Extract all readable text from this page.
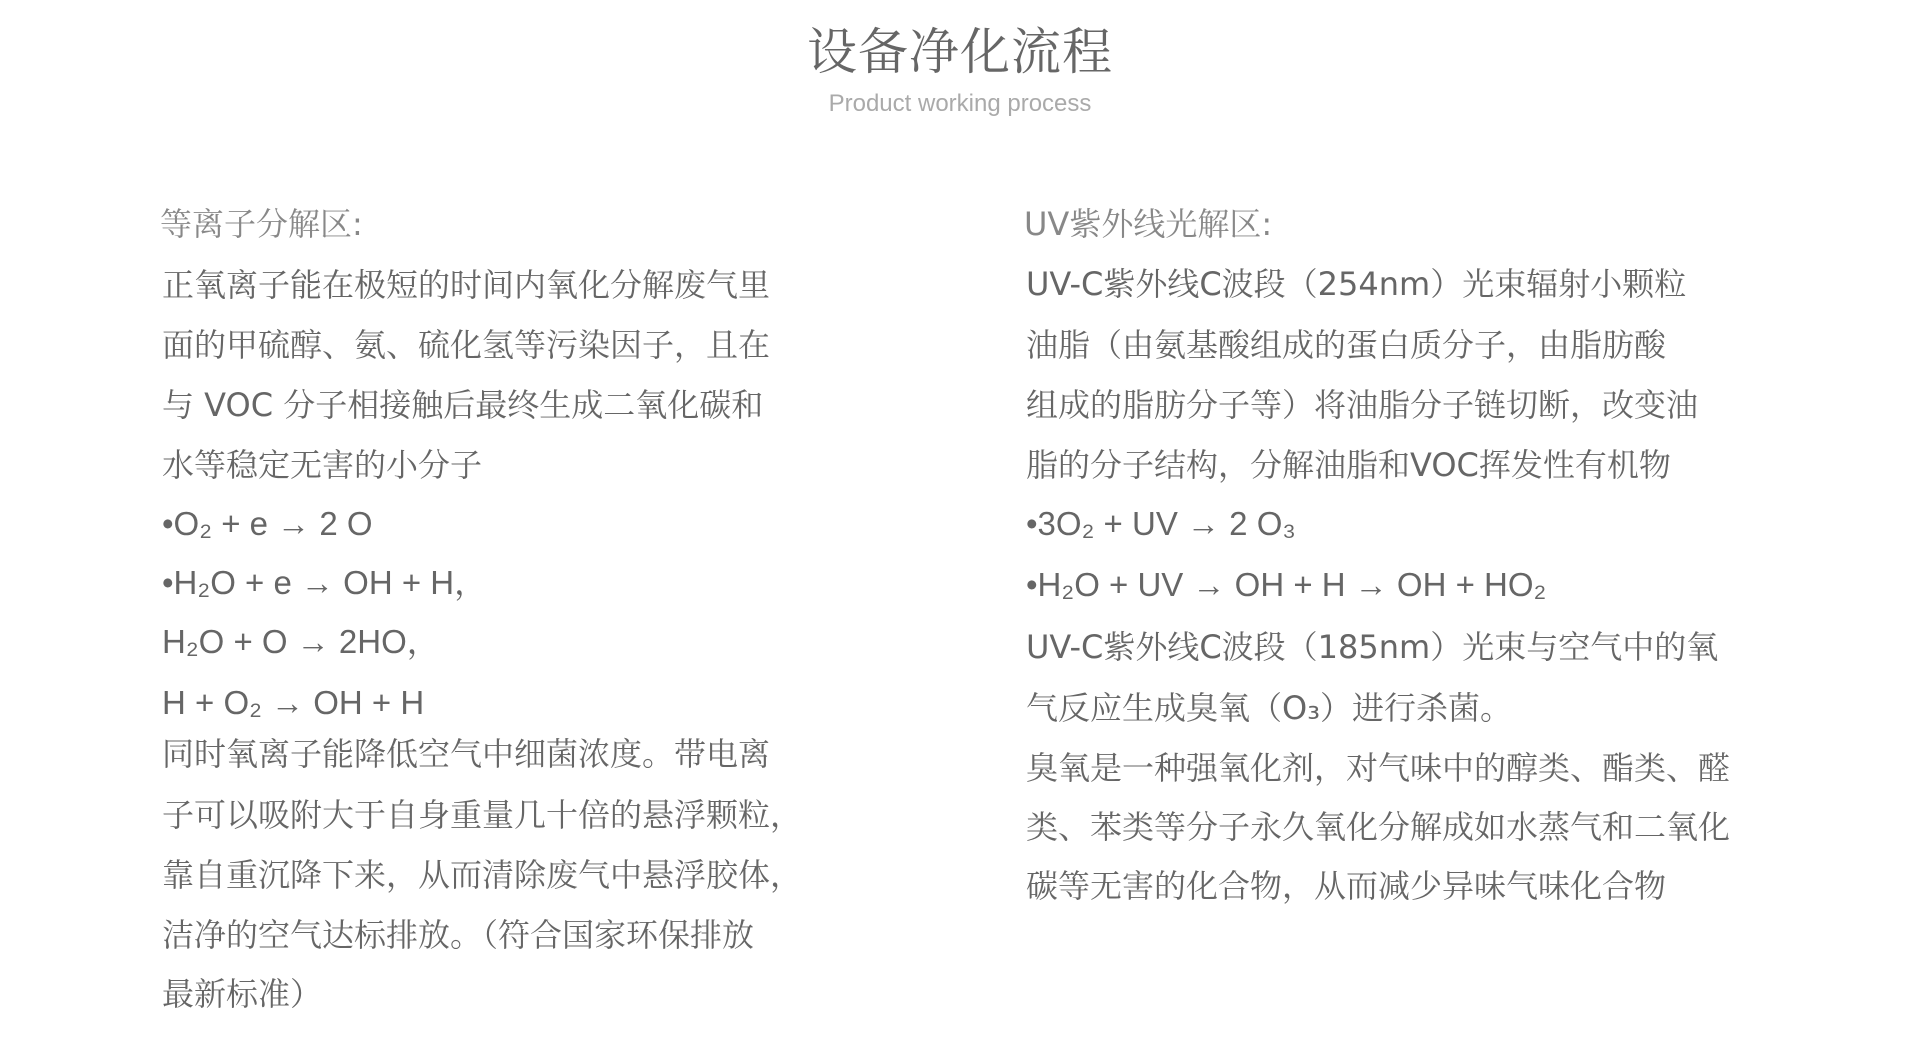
设备净化流程
Product working process
等离子分解区:
正氧离子能在极短的时间内氧化分解废气里
面的甲硫醇、氨、硫化氢等污染因子，且在
与 VOC 分子相接触后最终生成二氧化碳和
水等稳定无害的小分子
•O₂ + e → 2 O
•H₂O + e → OH + H，
H₂O + O → 2HO，
H + O₂ → OH + H
同时氧离子能降低空气中细菌浓度。带电离
子可以吸附大于自身重量几十倍的悬浮颗粒，
靠自重沉降下来，从而清除废气中悬浮胶体，
洁净的空气达标排放。（符合国家环保排放
最新标准）
UV紫外线光解区:
UV-C紫外线C波段（254nm）光束辐射小颗粒
油脂（由氨基酸组成的蛋白质分子，由脂肪酸
组成的脂肪分子等）将油脂分子链切断，改变油
脂的分子结构，分解油脂和VOC挥发性有机物
•3O₂ + UV → 2 O₃
•H₂O + UV → OH + H → OH + HO₂
UV-C紫外线C波段（185nm）光束与空气中的氧
气反应生成臭氧（O₃）进行杀菌。
臭氧是一种强氧化剂，对气味中的醇类、酯类、醛
类、苯类等分子永久氧化分解成如水蒸气和二氧化
碳等无害的化合物，从而减少异味气味化合物
